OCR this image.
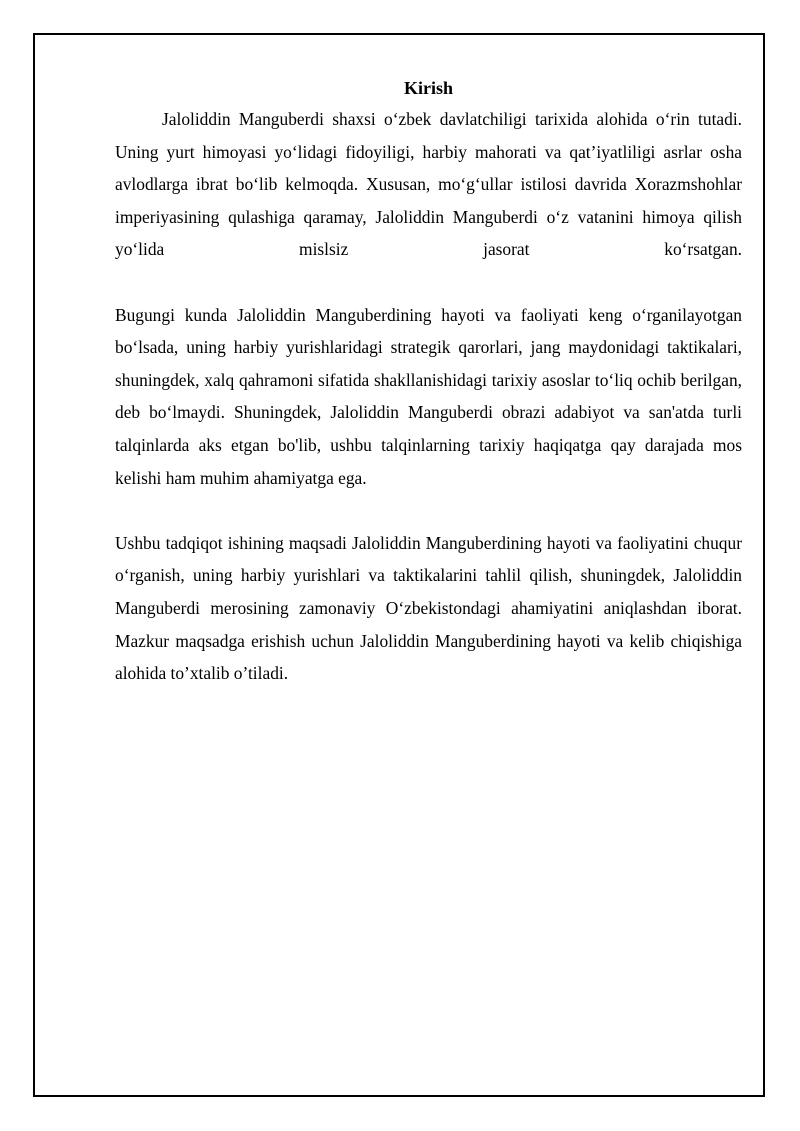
Kirish

Jaloliddin Manguberdi shaxsi o‘zbek davlatchiligi tarixida alohida o‘rin tutadi. Uning yurt himoyasi yo‘lidagi fidoyiligi, harbiy mahorati va qat’iyatliligi asrlar osha avlodlarga ibrat bo‘lib kelmoqda. Xususan, mo‘g‘ullar istilosi davrida Xorazmshohlar imperiyasining qulashiga qaramay, Jaloliddin Manguberdi o‘z vatanini himoya qilish yo‘lida mislsiz jasorat ko‘rsatgan.

Bugungi kunda Jaloliddin Manguberdining hayoti va faoliyati keng o‘rganilayotgan bo‘lsada, uning harbiy yurishlaridagi strategik qarorlari, jang maydonidagi taktikalari, shuningdek, xalq qahramoni sifatida shakllanishidagi tarixiy asoslar to‘liq ochib berilgan, deb bo‘lmaydi. Shuningdek, Jaloliddin Manguberdi obrazi adabiyot va san'atda turli talqinlarda aks etgan bo'lib, ushbu talqinlarning tarixiy haqiqatga qay darajada mos kelishi ham muhim ahamiyatga ega.

Ushbu tadqiqot ishining maqsadi Jaloliddin Manguberdining hayoti va faoliyatini chuqur o‘rganish, uning harbiy yurishlari va taktikalarini tahlil qilish, shuningdek, Jaloliddin Manguberdi merosining zamonaviy O‘zbekistondagi ahamiyatini aniqlashdan iborat. Mazkur maqsadga erishish uchun Jaloliddin Manguberdining hayoti va kelib chiqishiga alohida to’xtalib o’tiladi.
